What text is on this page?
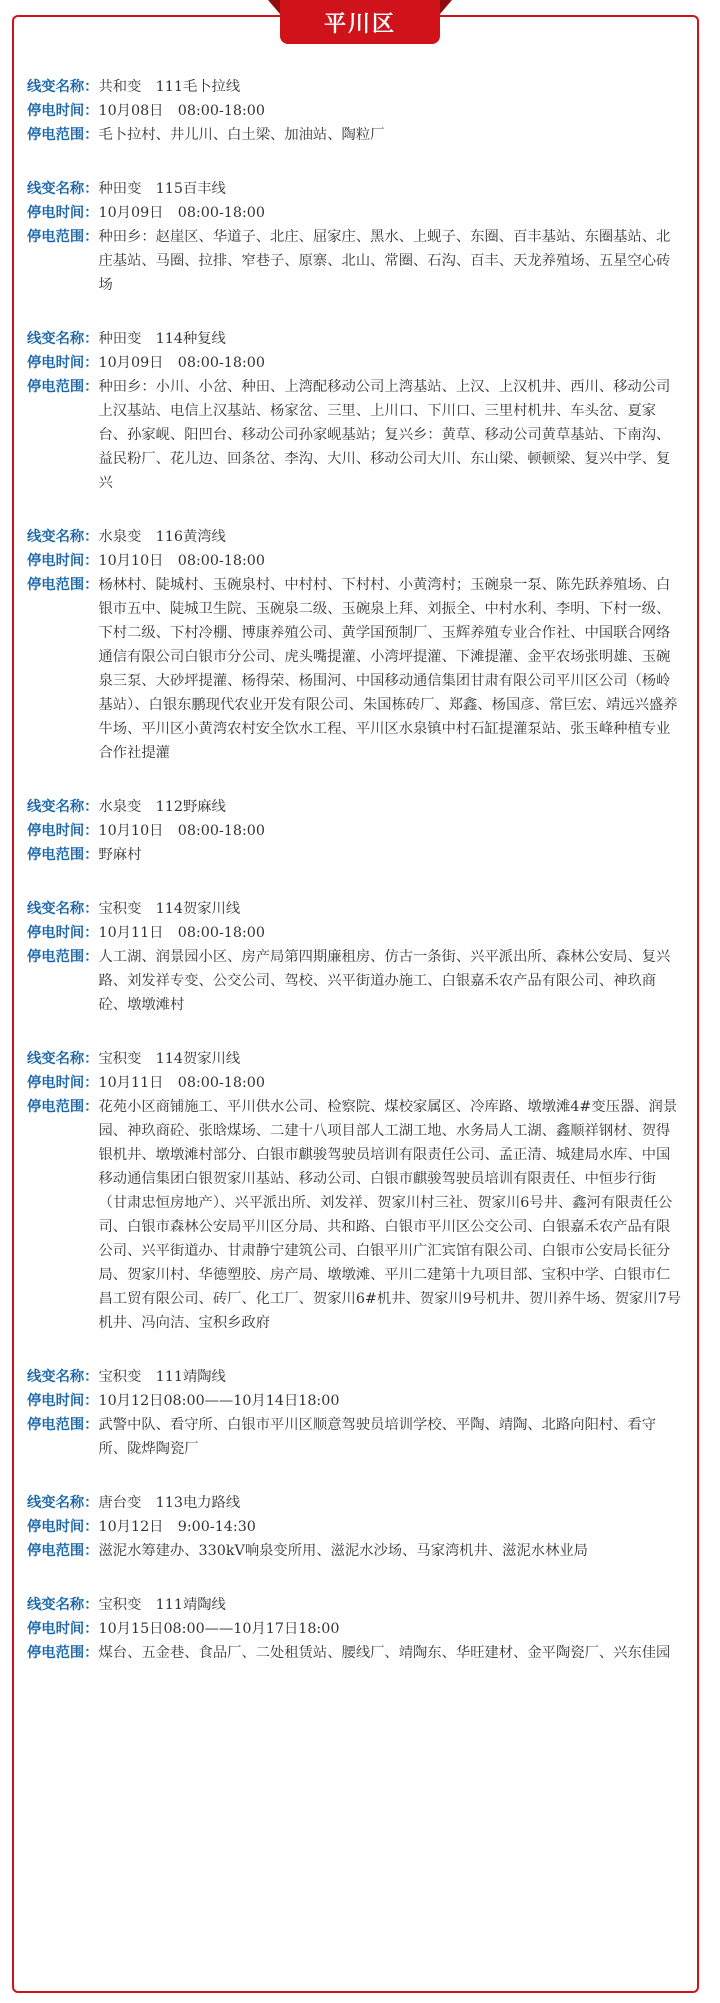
平川区
线变名称： 共和变　111毛卜拉线
停电时间： 10月08日　08:00-18:00
停电范围： 毛卜拉村、井儿川、白土梁、加油站、陶粒厂
线变名称： 种田变　115百丰线
停电时间： 10月09日　08:00-18:00
停电范围： 种田乡：赵崖区、华道子、北庄、屈家庄、黑水、上蚬子、东圈、百丰基站、东圈基站、北庄基站、马圈、拉排、窄巷子、原寨、北山、常圈、石沟、百丰、天龙养殖场、五星空心砖场
线变名称： 种田变　114种复线
停电时间： 10月09日　08:00-18:00
停电范围： 种田乡：小川、小岔、种田、上湾配移动公司上湾基站、上汉、上汉机井、西川、移动公司上汉基站、电信上汉基站、杨家岔、三里、上川口、下川口、三里村机井、车头岔、夏家台、孙家岘、阳凹台、移动公司孙家岘基站；复兴乡：黄草、移动公司黄草基站、下南沟、益民粉厂、花儿边、回条岔、李沟、大川、移动公司大川、东山梁、顿顿梁、复兴中学、复兴
线变名称： 水泉变　116黄湾线
停电时间： 10月10日　08:00-18:00
停电范围： 杨林村、陡城村、玉碗泉村、中村村、下村村、小黄湾村；玉碗泉一泵、陈先跃养殖场、白银市五中、陡城卫生院、玉碗泉二级、玉碗泉上拜、刘振全、中村水利、李明、下村一级、下村二级、下村冷棚、博康养殖公司、黄学国预制厂、玉辉养殖专业合作社、中国联合网络通信有限公司白银市分公司、虎头嘴提灌、小湾坪提灌、下滩提灌、金平农场张明雄、玉碗泉三泵、大砂坪提灌、杨得荣、杨围河、中国移动通信集团甘肃有限公司平川区公司（杨岭基站）、白银东鹏现代农业开发有限公司、朱国栋砖厂、郑鑫、杨国彦、常巨宏、靖远兴盛养牛场、平川区小黄湾农村安全饮水工程、平川区水泉镇中村石缸提灌泵站、张玉峰种植专业合作社提灌
线变名称： 水泉变　112野麻线
停电时间： 10月10日　08:00-18:00
停电范围： 野麻村
线变名称： 宝积变　114贺家川线
停电时间： 10月11日　08:00-18:00
停电范围： 人工湖、润景园小区、房产局第四期廉租房、仿古一条街、兴平派出所、森林公安局、复兴路、刘发祥专变、公交公司、驾校、兴平街道办施工、白银嘉禾农产品有限公司、神玖商砼、墩墩滩村
线变名称： 宝积变　114贺家川线
停电时间： 10月11日　08:00-18:00
停电范围： 花苑小区商铺施工、平川供水公司、检察院、煤校家属区、冷库路、墩墩滩4#变压器、润景园、神玖商砼、张晗煤场、二建十八项目部人工湖工地、水务局人工湖、鑫顺祥钢材、贺得银机井、墩墩滩村部分、白银市麒骏驾驶员培训有限责任公司、孟正清、城建局水库、中国移动通信集团白银贺家川基站、移动公司、白银市麒骏驾驶员培训有限责任、中恒步行街（甘肃忠恒房地产）、兴平派出所、刘发祥、贺家川村三社、贺家川6号井、鑫河有限责任公司、白银市森林公安局平川区分局、共和路、白银市平川区公交公司、白银嘉禾农产品有限公司、兴平街道办、甘肃静宁建筑公司、白银平川广汇宾馆有限公司、白银市公安局长征分局、贺家川村、华德塑胶、房产局、墩墩滩、平川二建第十九项目部、宝积中学、白银市仁昌工贸有限公司、砖厂、化工厂、贺家川6#机井、贺家川9号机井、贺川养牛场、贺家川7号机井、冯向洁、宝积乡政府
线变名称： 宝积变　111靖陶线
停电时间： 10月12日08:00——10月14日18:00
停电范围： 武警中队、看守所、白银市平川区顺意驾驶员培训学校、平陶、靖陶、北路向阳村、看守所、陇烨陶瓷厂
线变名称： 唐台变　113电力路线
停电时间： 10月12日　9:00-14:30
停电范围： 滋泥水筹建办、330kV响泉变所用、滋泥水沙场、马家湾机井、滋泥水林业局
线变名称： 宝积变　111靖陶线
停电时间： 10月15日08:00——10月17日18:00
停电范围： 煤台、五金巷、食品厂、二处租赁站、腰线厂、靖陶东、华旺建材、金平陶瓷厂、兴东佳园
